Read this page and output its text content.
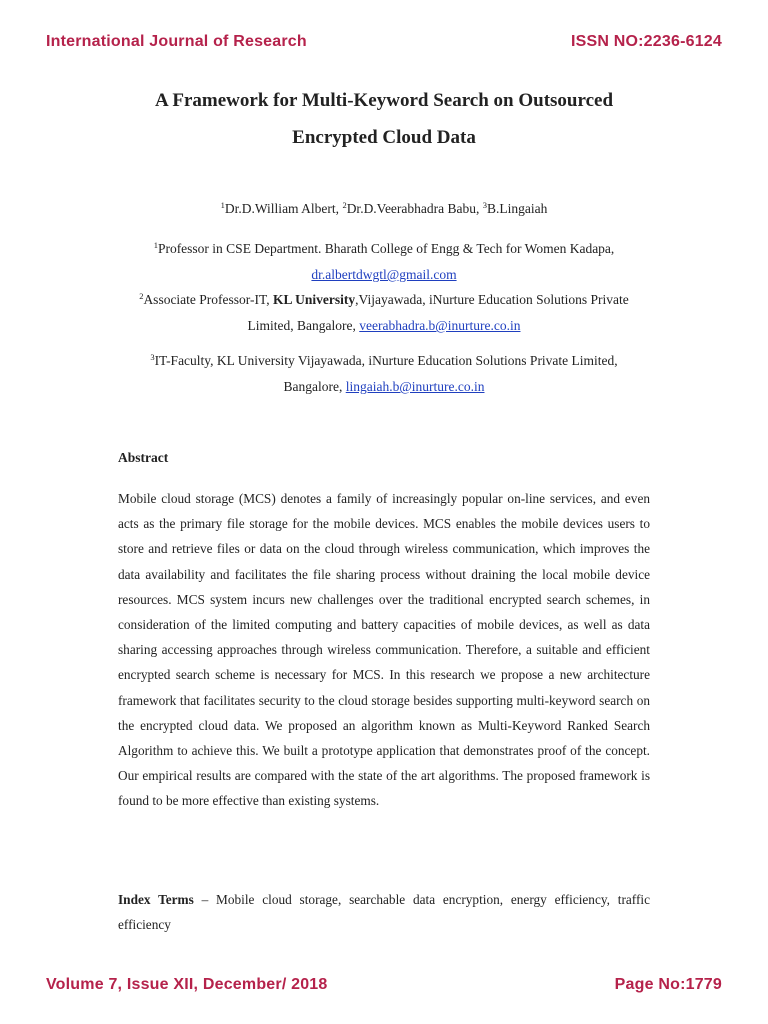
International Journal of Research	ISSN NO:2236-6124
A Framework for Multi-Keyword Search on Outsourced
Encrypted Cloud Data
$^1$Dr.D.William Albert, $^2$Dr.D.Veerabhadra Babu, $^3$B.Lingaiah
$^1$Professor in CSE Department. Bharath College of Engg & Tech for Women Kadapa,
dr.albertdwgtl@gmail.com
$^2$Associate Professor-IT, KL University,Vijayawada, iNurture Education Solutions Private
Limited, Bangalore, veerabhadra.b@inurture.co.in
$^3$IT-Faculty, KL University Vijayawada, iNurture Education Solutions Private Limited,
Bangalore, lingaiah.b@inurture.co.in
Abstract

Mobile cloud storage (MCS) denotes a family of increasingly popular on-line services, and even acts as the primary file storage for the mobile devices. MCS enables the mobile devices users to store and retrieve files or data on the cloud through wireless communication, which improves the data availability and facilitates the file sharing process without draining the local mobile device resources. MCS system incurs new challenges over the traditional encrypted search schemes, in consideration of the limited computing and battery capacities of mobile devices, as well as data sharing accessing approaches through wireless communication. Therefore, a suitable and efficient encrypted search scheme is necessary for MCS. In this research we propose a new architecture framework that facilitates security to the cloud storage besides supporting multi-keyword search on the encrypted cloud data. We proposed an algorithm known as Multi-Keyword Ranked Search Algorithm to achieve this. We built a prototype application that demonstrates proof of the concept. Our empirical results are compared with the state of the art algorithms. The proposed framework is found to be more effective than existing systems.

Index Terms – Mobile cloud storage, searchable data encryption, energy efficiency, traffic efficiency

Volume 7, Issue XII, December/ 2018	Page No:1779
